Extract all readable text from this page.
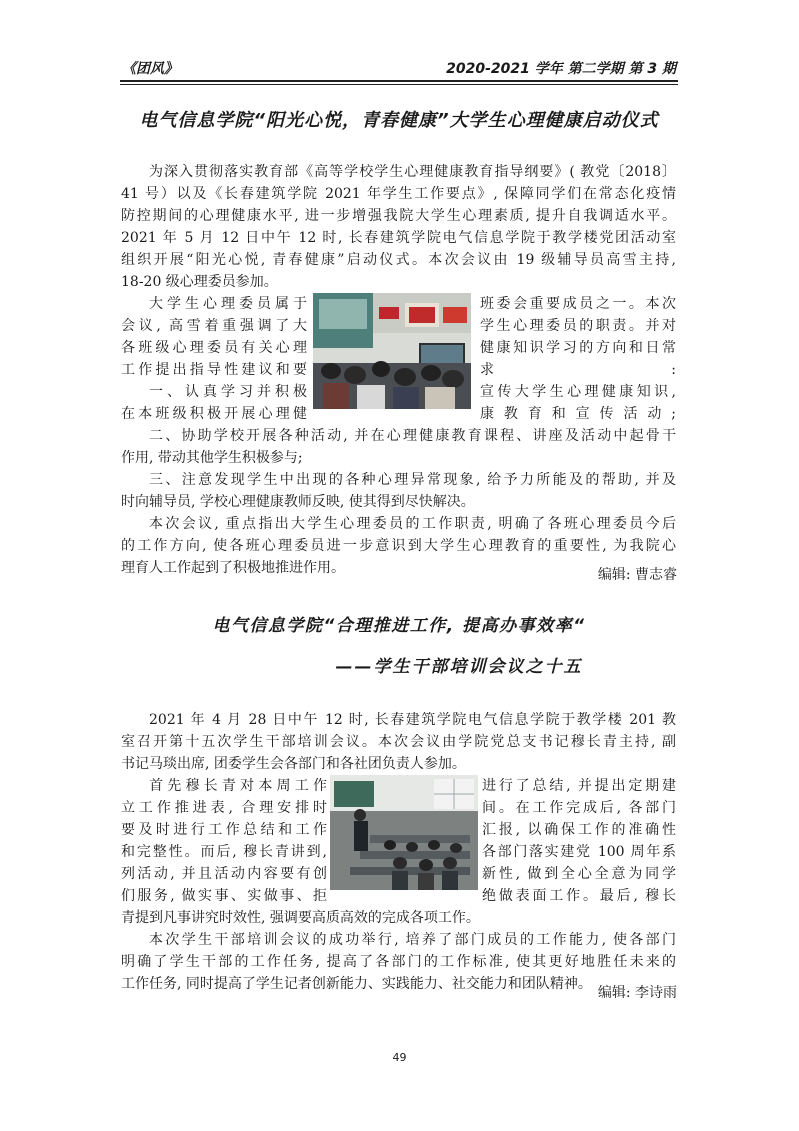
《团风》	2020-2021 学年 第二学期 第 3 期
电气信息学院“阳光心悦，青春健康”大学生心理健康启动仪式
为深入贯彻落实教育部《高等学校学生心理健康教育指导纲要》( 教党〔2018〕
41 号）以及《长春建筑学院 2021 年学生工作要点》, 保障同学们在常态化疫情
防控期间的心理健康水平, 进一步增强我院大学生心理素质, 提升自我调适水平。
2021 年 5 月 12 日中午 12 时, 长春建筑学院电气信息学院于教学楼党团活动室
组织开展“阳光心悦, 青春健康”启动仪式。本次会议由 19 级辅导员高雪主持,
18-20 级心理委员参加。
大学生心理委员属于
会议, 高雪着重强调了大
各班级心理委员有关心理
工作提出指导性建议和要
一、认真学习并积极
在本班级积极开展心理健
班委会重要成员之一。本次
学生心理委员的职责。并对
健康知识学习的方向和日常
求:
宣传大学生心理健康知识,
康教育和宣传活动;
二、协助学校开展各种活动, 并在心理健康教育课程、讲座及活动中起骨干
作用, 带动其他学生积极参与;
三、注意发现学生中出现的各种心理异常现象, 给予力所能及的帮助, 并及
时向辅导员, 学校心理健康教师反映, 使其得到尽快解决。
本次会议, 重点指出大学生心理委员的工作职责, 明确了各班心理委员今后
的工作方向, 使各班心理委员进一步意识到大学生心理教育的重要性, 为我院心
理育人工作起到了积极地推进作用。	编辑: 曹志睿
电气信息学院“合理推进工作, 提高办事效率“
——学生干部培训会议之十五
2021 年 4 月 28 日中午 12 时, 长春建筑学院电气信息学院于教学楼 201 教
室召开第十五次学生干部培训会议。本次会议由学院党总支书记穆长青主持, 副
书记马琰出席, 团委学生会各部门和各社团负责人参加。
首先穆长青对本周工作
立工作推进表, 合理安排时
要及时进行工作总结和工作
和完整性。而后, 穆长青讲到,
列活动, 并且活动内容要有创
们服务, 做实事、实做事、拒
进行了总结, 并提出定期建
间。在工作完成后, 各部门
汇报, 以确保工作的准确性
各部门落实建党 100 周年系
新性, 做到全心全意为同学
绝做表面工作。最后, 穆长
青提到凡事讲究时效性, 强调要高质高效的完成各项工作。
本次学生干部培训会议的成功举行, 培养了部门成员的工作能力, 使各部门
明确了学生干部的工作任务, 提高了各部门的工作标准, 使其更好地胜任未来的
工作任务, 同时提高了学生记者创新能力、实践能力、社交能力和团队精神。
编辑: 李诗雨
49
